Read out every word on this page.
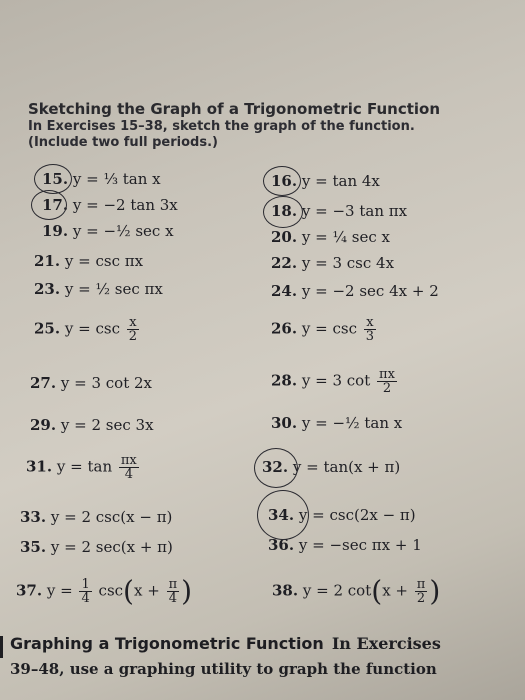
Sketching the Graph of a Trigonometric Function
In Exercises 15–38, sketch the graph of the function.
(Include two full periods.)
15. y = ⅓ tan x	16. y = tan 4x
17. y = −2 tan 3x	18. y = −3 tan πx
19. y = −½ sec x	20. y = ¼ sec x
21. y = csc πx	22. y = 3 csc 4x
23. y = ½ sec πx	24. y = −2 sec 4x + 2
25. $y = \csc \frac{x}{2}$	26. $y = \csc \frac{x}{3}$
27. y = 3 cot 2x	28. y = 3 $\cot \frac{\pi x}{2}$
29. y = 2 sec 3x	30. y = −½ tan x
31. $y = \tan \frac{\pi x}{4}$	32. y = tan(x + π)
33. y = 2 csc(x − π)	34. y = csc(2x − π)
35. y = 2 sec(x + π)	36. y = −sec πx + 1
37. $y = \frac{1}{4} \csc(x + \frac{\pi}{4}$ )	38. y = 2 $\cot(x + \frac{\pi}{2}$ )
Graphing a Trigonometric Function In Exercises
39–48, use a graphing utility to graph the function
